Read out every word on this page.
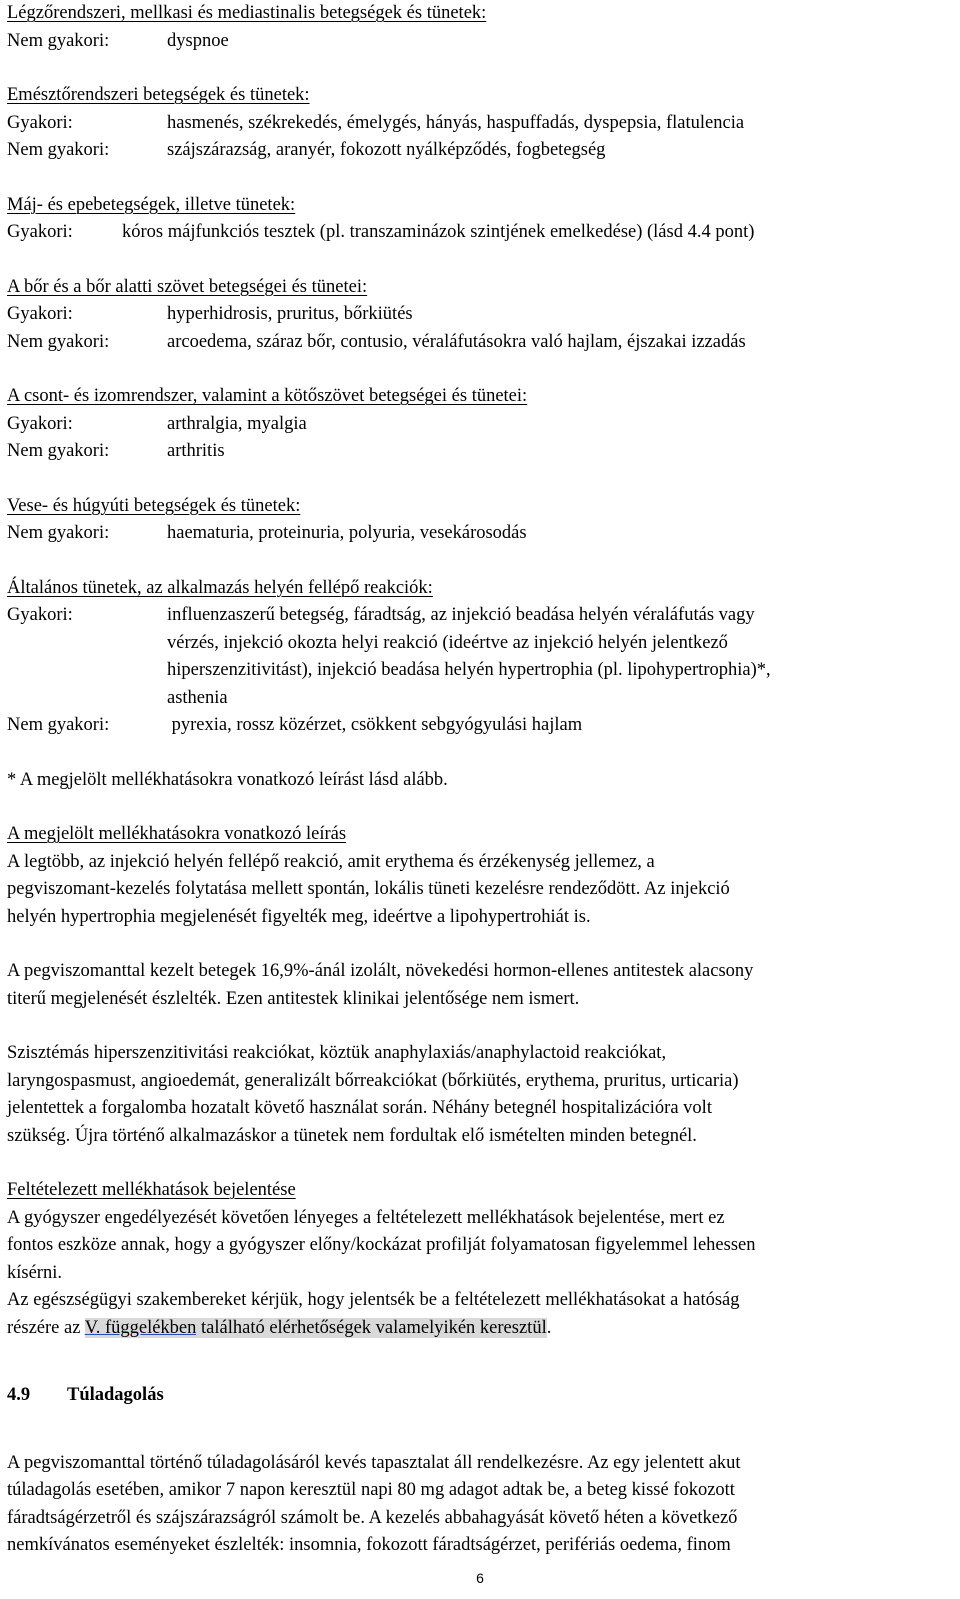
Légzőrendszeri, mellkasi és mediastinalis betegségek és tünetek:

Nem gyakori:	dyspnoe

Emésztőrendszeri betegségek és tünetek:

Gyakori:	hasmenés, székrekedés, émelygés, hányás, haspuffadás, dyspepsia, flatulencia
Nem gyakori:	szájszárazság, aranyér, fokozott nyálképződés, fogbetegség

Máj- és epebetegségek, illetve tünetek:

Gyakori:	kóros májfunkciós tesztek (pl. transzaminázok szintjének emelkedése) (lásd 4.4 pont)

A bőr és a bőr alatti szövet betegségei és tünetei:

Gyakori:	hyperhidrosis, pruritus, bőrkiütés
Nem gyakori:	arcoedema, száraz bőr, contusio, véraláfutásokra való hajlam, éjszakai izzadás

A csont- és izomrendszer, valamint a kötőszövet betegségei és tünetei:

Gyakori:	arthralgia, myalgia
Nem gyakori:	arthritis

Vese- és húgyúti betegségek és tünetek:

Nem gyakori:	haematuria, proteinuria, polyuria, vesekárosodás

Általános tünetek, az alkalmazás helyén fellépő reakciók:

Gyakori:	influenzaszerű betegség, fáradtság, az injekció beadása helyén véraláfutás vagy
vérzés, injekció okozta helyi reakció (ideértve az injekció helyén jelentkező
hiperszenzitivitást), injekció beadása helyén hypertrophia (pl. lipohypertrophia)*,
asthenia
Nem gyakori:	pyrexia, rossz közérzet, csökkent sebgyógyulási hajlam

* A megjelölt mellékhatásokra vonatkozó leírást lásd alább.

A megjelölt mellékhatásokra vonatkozó leírás

A legtöbb, az injekció helyén fellépő reakció, amit erythema és érzékenység jellemez, a
pegviszomant-kezelés folytatása mellett spontán, lokális tüneti kezelésre rendeződött. Az injekció
helyén hypertrophia megjelenését figyelték meg, ideértve a lipohypertrohiát is.

A pegviszomanttal kezelt betegek 16,9%-ánál izolált, növekedési hormon-ellenes antitestek alacsony
titerű megjelenését észlelték. Ezen antitestek klinikai jelentősége nem ismert.

Szisztémás hiperszenzitivitási reakciókat, köztük anaphylaxiás/anaphylactoid reakciókat,
laryngospasmust, angioedemát, generalizált bőrreakciókat (bőrkiütés, erythema, pruritus, urticaria)
jelentettek a forgalomba hozatalt követő használat során. Néhány betegnél hospitalizációra volt
szükség. Újra történő alkalmazáskor a tünetek nem fordultak elő ismételten minden betegnél.

Feltételezett mellékhatások bejelentése

A gyógyszer engedélyezését követően lényeges a feltételezett mellékhatások bejelentése, mert ez
fontos eszköze annak, hogy a gyógyszer előny/kockázat profilját folyamatosan figyelemmel lehessen
kísérni.

Az egészségügyi szakembereket kérjük, hogy jelentsék be a feltételezett mellékhatásokat a hatóság
részére az V. függelékben található elérhetőségek valamelyikén keresztül.

4.9	Túladagolás

A pegviszomanttal történő túladagolásáról kevés tapasztalat áll rendelkezésre. Az egy jelentett akut
túladagolás esetében, amikor 7 napon keresztül napi 80 mg adagot adtak be, a beteg kissé fokozott
fáradtságérzetről és szájszárazságról számolt be. A kezelés abbahagyását követő héten a következő
nemkívánatos eseményeket észlelték: insomnia, fokozott fáradtságérzet, perifériás oedema, finom

6
